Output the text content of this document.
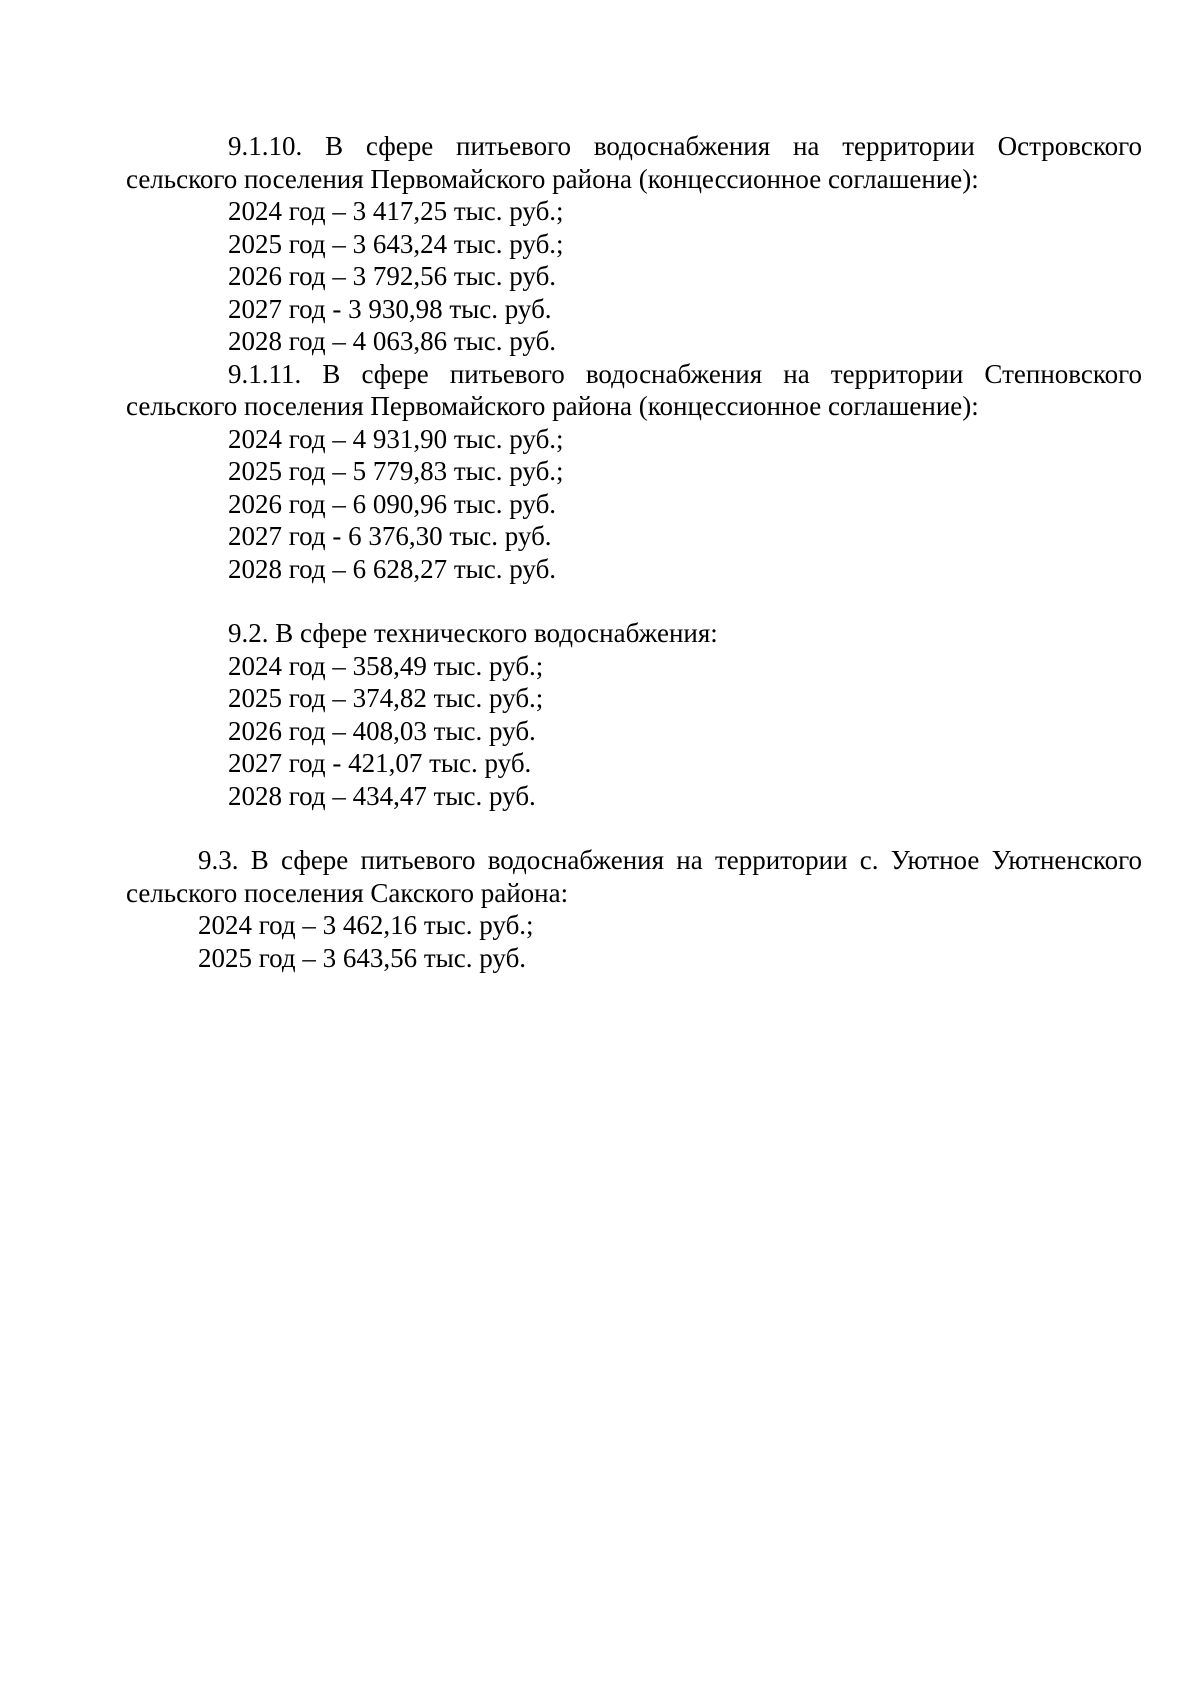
9.1.10. В сфере питьевого водоснабжения на территории Островского сельского поселения Первомайского района (концессионное соглашение):

2024 год – 3 417,25 тыс. руб.;

2025 год – 3 643,24 тыс. руб.;

2026 год – 3 792,56 тыс. руб.

2027 год - 3 930,98 тыс. руб.

2028 год – 4 063,86 тыс. руб.

9.1.11. В сфере питьевого водоснабжения на территории Степновского сельского поселения Первомайского района (концессионное соглашение):

2024 год – 4 931,90 тыс. руб.;

2025 год – 5 779,83 тыс. руб.;

2026 год – 6 090,96 тыс. руб.

2027 год - 6 376,30 тыс. руб.

2028 год – 6 628,27 тыс. руб.

9.2. В сфере технического водоснабжения:

2024 год – 358,49 тыс. руб.;

2025 год – 374,82 тыс. руб.;

2026 год – 408,03 тыс. руб.

2027 год - 421,07 тыс. руб.

2028 год – 434,47 тыс. руб.

9.3. В сфере питьевого водоснабжения на территории с. Уютное Уютненского сельского поселения Сакского района:

2024 год – 3 462,16 тыс. руб.;

2025 год – 3 643,56 тыс. руб.
